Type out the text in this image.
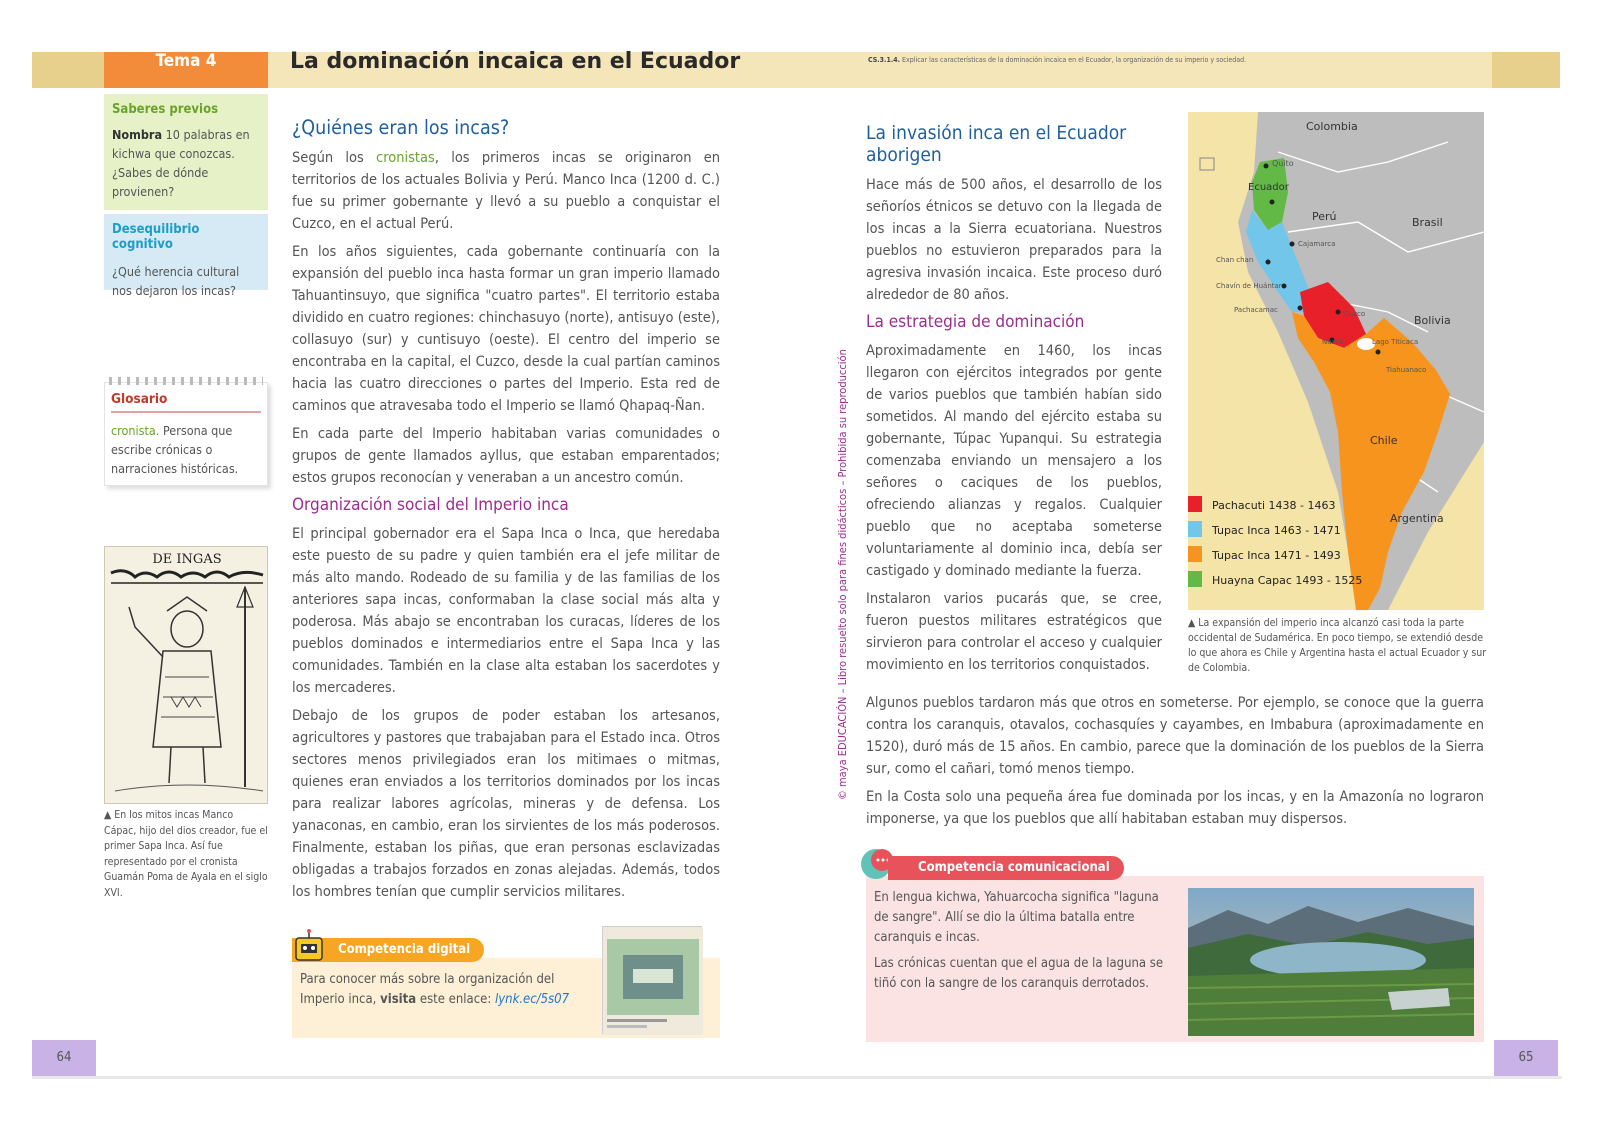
Tema 4	La dominación incaica en el Ecuador	CS.3.1.4. Explicar las características de la dominación incaica en el Ecuador, la organización de su imperio y sociedad.
Saberes previos

Nombra 10 palabras en kichwa que conozcas. ¿Sabes de dónde provienen?

Desequilibrio cognitivo

¿Qué herencia cultural nos dejaron los incas?

Glosario

cronista. Persona que escribe crónicas o narraciones históricas.

DE INGAS
▲ En los mitos incas Manco Cápac, hijo del dios creador, fue el primer Sapa Inca. Así fue representado por el cronista Guamán Poma de Ayala en el siglo XVI.
¿Quiénes eran los incas?

Según los cronistas, los primeros incas se originaron en territorios de los actuales Bolivia y Perú. Manco Inca (1200 d. C.) fue su primer gobernante y llevó a su pueblo a conquistar el Cuzco, en el actual Perú.

En los años siguientes, cada gobernante continuaría con la expansión del pueblo inca hasta formar un gran imperio llamado Tahuantinsuyo, que significa "cuatro partes". El territorio estaba dividido en cuatro regiones: chinchasuyo (norte), antisuyo (este), collasuyo (sur) y cuntisuyo (oeste). El centro del imperio se encontraba en la capital, el Cuzco, desde la cual partían caminos hacia las cuatro direcciones o partes del Imperio. Esta red de caminos que atravesaba todo el Imperio se llamó Qhapaq-Ñan.

En cada parte del Imperio habitaban varias comunidades o grupos de gente llamados ayllus, que estaban emparentados; estos grupos reconocían y veneraban a un ancestro común.

Organización social del Imperio inca

El principal gobernador era el Sapa Inca o Inca, que heredaba este puesto de su padre y quien también era el jefe militar de más alto mando. Rodeado de su familia y de las familias de los anteriores sapa incas, conformaban la clase social más alta y poderosa. Más abajo se encontraban los curacas, líderes de los pueblos dominados e intermediarios entre el Sapa Inca y las comunidades. También en la clase alta estaban los sacerdotes y los mercaderes.

Debajo de los grupos de poder estaban los artesanos, agricultores y pastores que trabajaban para el Estado inca. Otros sectores menos privilegiados eran los mitimaes o mitmas, quienes eran enviados a los territorios dominados por los incas para realizar labores agrícolas, mineras y de defensa. Los yanaconas, en cambio, eran los sirvientes de los más poderosos. Finalmente, estaban los piñas, que eran personas esclavizadas obligadas a trabajos forzados en zonas alejadas. Además, todos los hombres tenían que cumplir servicios militares.

Competencia digital

Para conocer más sobre la organización del Imperio inca, visita este enlace: lynk.ec/5s07

© maya EDUCACIÓN – Libro resuelto solo para fines didácticos – Prohibida su reproducción
La invasión inca en el Ecuador aborigen

Hace más de 500 años, el desarrollo de los señoríos étnicos se detuvo con la llegada de los incas a la Sierra ecuatoriana. Nuestros pueblos no estuvieron preparados para la agresiva invasión incaica. Este proceso duró alrededor de 80 años.

La estrategia de dominación

Aproximadamente en 1460, los incas llegaron con ejércitos integrados por gente de varios pueblos que también habían sido sometidos. Al mando del ejército estaba su gobernante, Túpac Yupanqui. Su estrategia comenzaba enviando un mensajero a los señores o caciques de los pueblos, ofreciendo alianzas y regalos. Cualquier pueblo que no aceptaba someterse voluntariamente al dominio inca, debía ser castigado y dominado mediante la fuerza.

Instalaron varios pucarás que, se cree, fueron puestos militares estratégicos que sirvieron para controlar el acceso y cualquier movimiento en los territorios conquistados.

Colombia
Ecuador
Quito
Perú	Brasil
Cajamarca
Chan chan
Chavín de Huántar
Pachacamac	Cuzco
Nazca	Lago Titicaca
Bolivia
Tiahuanaco
Chile
Argentina
Pachacuti 1438 - 1463
Tupac Inca 1463 - 1471
Tupac Inca 1471 - 1493
Huayna Capac 1493 - 1525
▲ La expansión del imperio inca alcanzó casi toda la parte occidental de Sudamérica. En poco tiempo, se extendió desde lo que ahora es Chile y Argentina hasta el actual Ecuador y sur de Colombia.

Algunos pueblos tardaron más que otros en someterse. Por ejemplo, se conoce que la guerra contra los caranquis, otavalos, cochasquíes y cayambes, en Imbabura (aproximadamente en 1520), duró más de 15 años. En cambio, parece que la dominación de los pueblos de la Sierra sur, como el cañari, tomó menos tiempo.

En la Costa solo una pequeña área fue dominada por los incas, y en la Amazonía no lograron imponerse, ya que los pueblos que allí habitaban estaban muy dispersos.

Competencia comunicacional

En lengua kichwa, Yahuarcocha significa "laguna de sangre". Allí se dio la última batalla entre caranquis e incas.

Las crónicas cuentan que el agua de la laguna se tiñó con la sangre de los caranquis derrotados.

64	65
